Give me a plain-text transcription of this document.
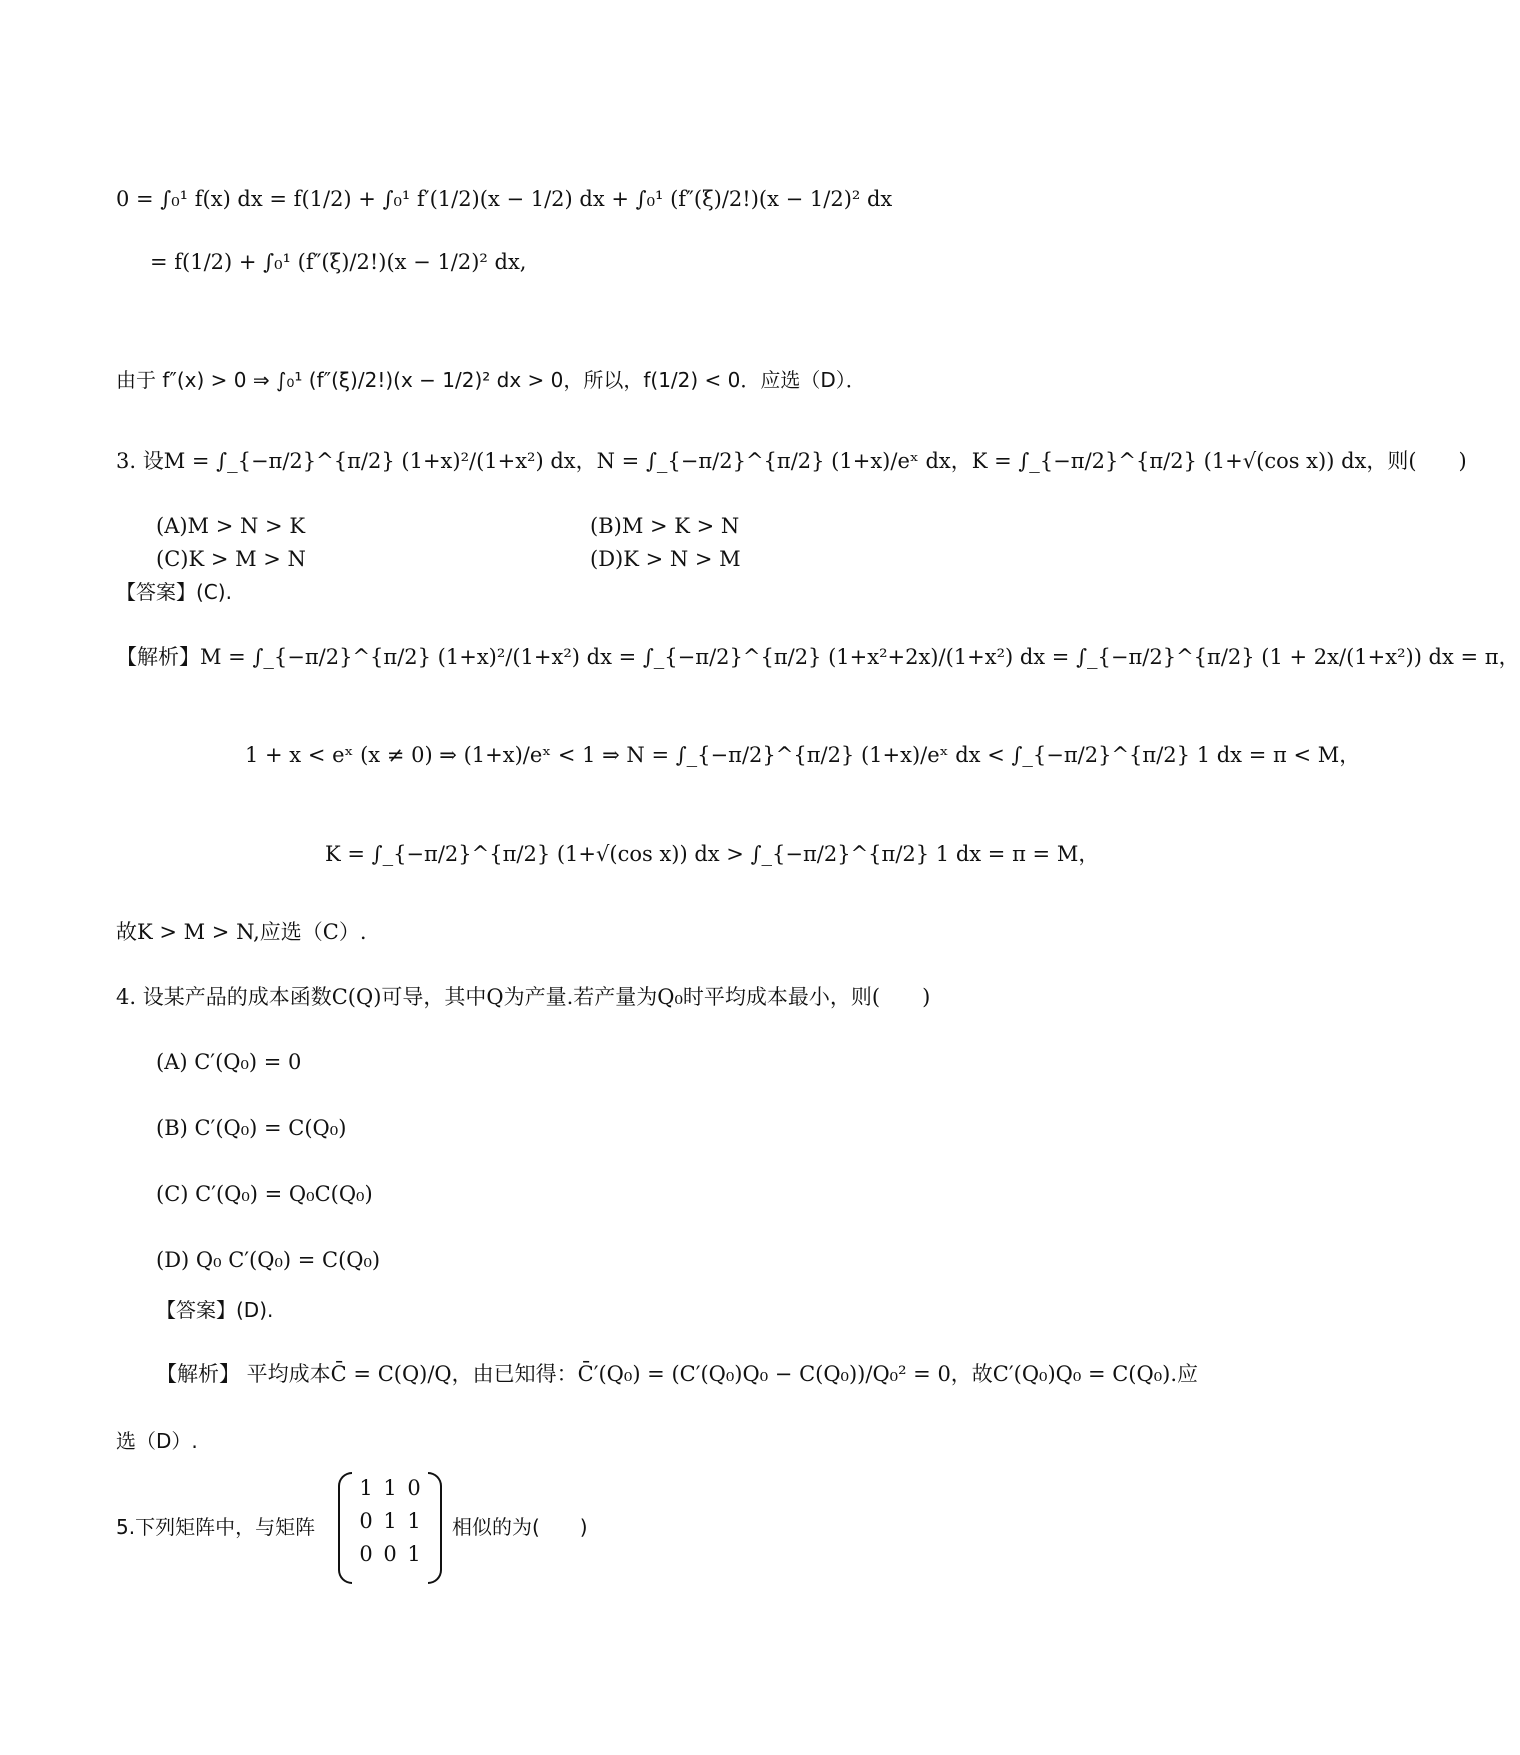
0 = ∫₀¹ f(x) dx = f(1/2) + ∫₀¹ f′(1/2)(x − 1/2) dx + ∫₀¹ (f″(ξ)/2!)(x − 1/2)² dx
= f(1/2) + ∫₀¹ (f″(ξ)/2!)(x − 1/2)² dx,
由于 f″(x) > 0 ⇒ ∫₀¹ (f″(ξ)/2!)(x − 1/2)² dx > 0，所以，f(1/2) < 0．应选（D）．
3. 设M = ∫_{−π/2}^{π/2} (1+x)²/(1+x²) dx，N = ∫_{−π/2}^{π/2} (1+x)/eˣ dx，K = ∫_{−π/2}^{π/2} (1+√(cos x)) dx，则(　　)
(A)M > N > K	(B)M > K > N
(C)K > M > N	(D)K > N > M
【答案】(C).
【解析】M = ∫_{−π/2}^{π/2} (1+x)²/(1+x²) dx = ∫_{−π/2}^{π/2} (1+x²+2x)/(1+x²) dx = ∫_{−π/2}^{π/2} (1 + 2x/(1+x²)) dx = π，
1 + x < eˣ (x ≠ 0) ⇒ (1+x)/eˣ < 1 ⇒ N = ∫_{−π/2}^{π/2} (1+x)/eˣ dx < ∫_{−π/2}^{π/2} 1 dx = π < M，
K = ∫_{−π/2}^{π/2} (1+√(cos x)) dx > ∫_{−π/2}^{π/2} 1 dx = π = M，
故K > M > N,应选（C）.
4. 设某产品的成本函数C(Q)可导，其中Q为产量.若产量为Q₀时平均成本最小，则(　　)
(A) C′(Q₀) = 0
(B) C′(Q₀) = C(Q₀)
(C) C′(Q₀) = Q₀C(Q₀)
(D) Q₀ C′(Q₀) = C(Q₀)
【答案】(D).
【解析】 平均成本C̄ = C(Q)/Q，由已知得：C̄′(Q₀) = (C′(Q₀)Q₀ − C(Q₀))/Q₀² = 0，故C′(Q₀)Q₀ = C(Q₀).应
选（D）.
5.下列矩阵中，与矩阵
1 1 0
0 1 1
0 0 1
相似的为(　　)
